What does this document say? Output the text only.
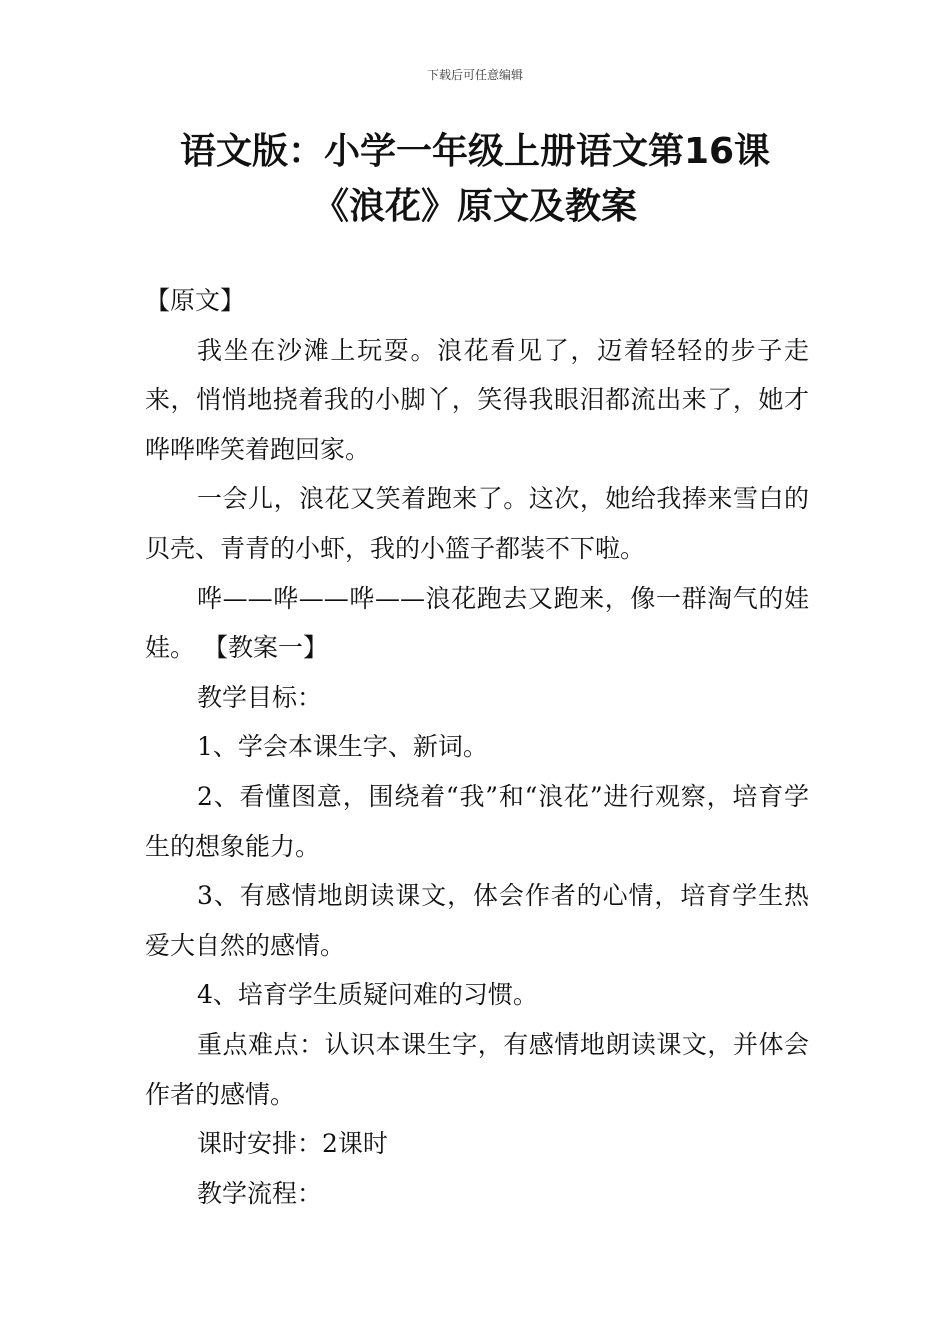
下载后可任意编辑
语文版：小学一年级上册语文第16课《浪花》原文及教案

【原文】

我坐在沙滩上玩耍。浪花看见了，迈着轻轻的步子走来，悄悄地挠着我的小脚丫，笑得我眼泪都流出来了，她才哗哗哗笑着跑回家。

一会儿，浪花又笑着跑来了。这次，她给我捧来雪白的贝壳、青青的小虾，我的小篮子都装不下啦。

哗——哗——哗——浪花跑去又跑来，像一群淘气的娃娃。 【教案一】

教学目标：

1、学会本课生字、新词。

2、看懂图意，围绕着“我”和“浪花”进行观察，培育学生的想象能力。

3、有感情地朗读课文，体会作者的心情，培育学生热爱大自然的感情。

4、培育学生质疑问难的习惯。

重点难点：认识本课生字，有感情地朗读课文，并体会作者的感情。

课时安排：2课时

教学流程：
